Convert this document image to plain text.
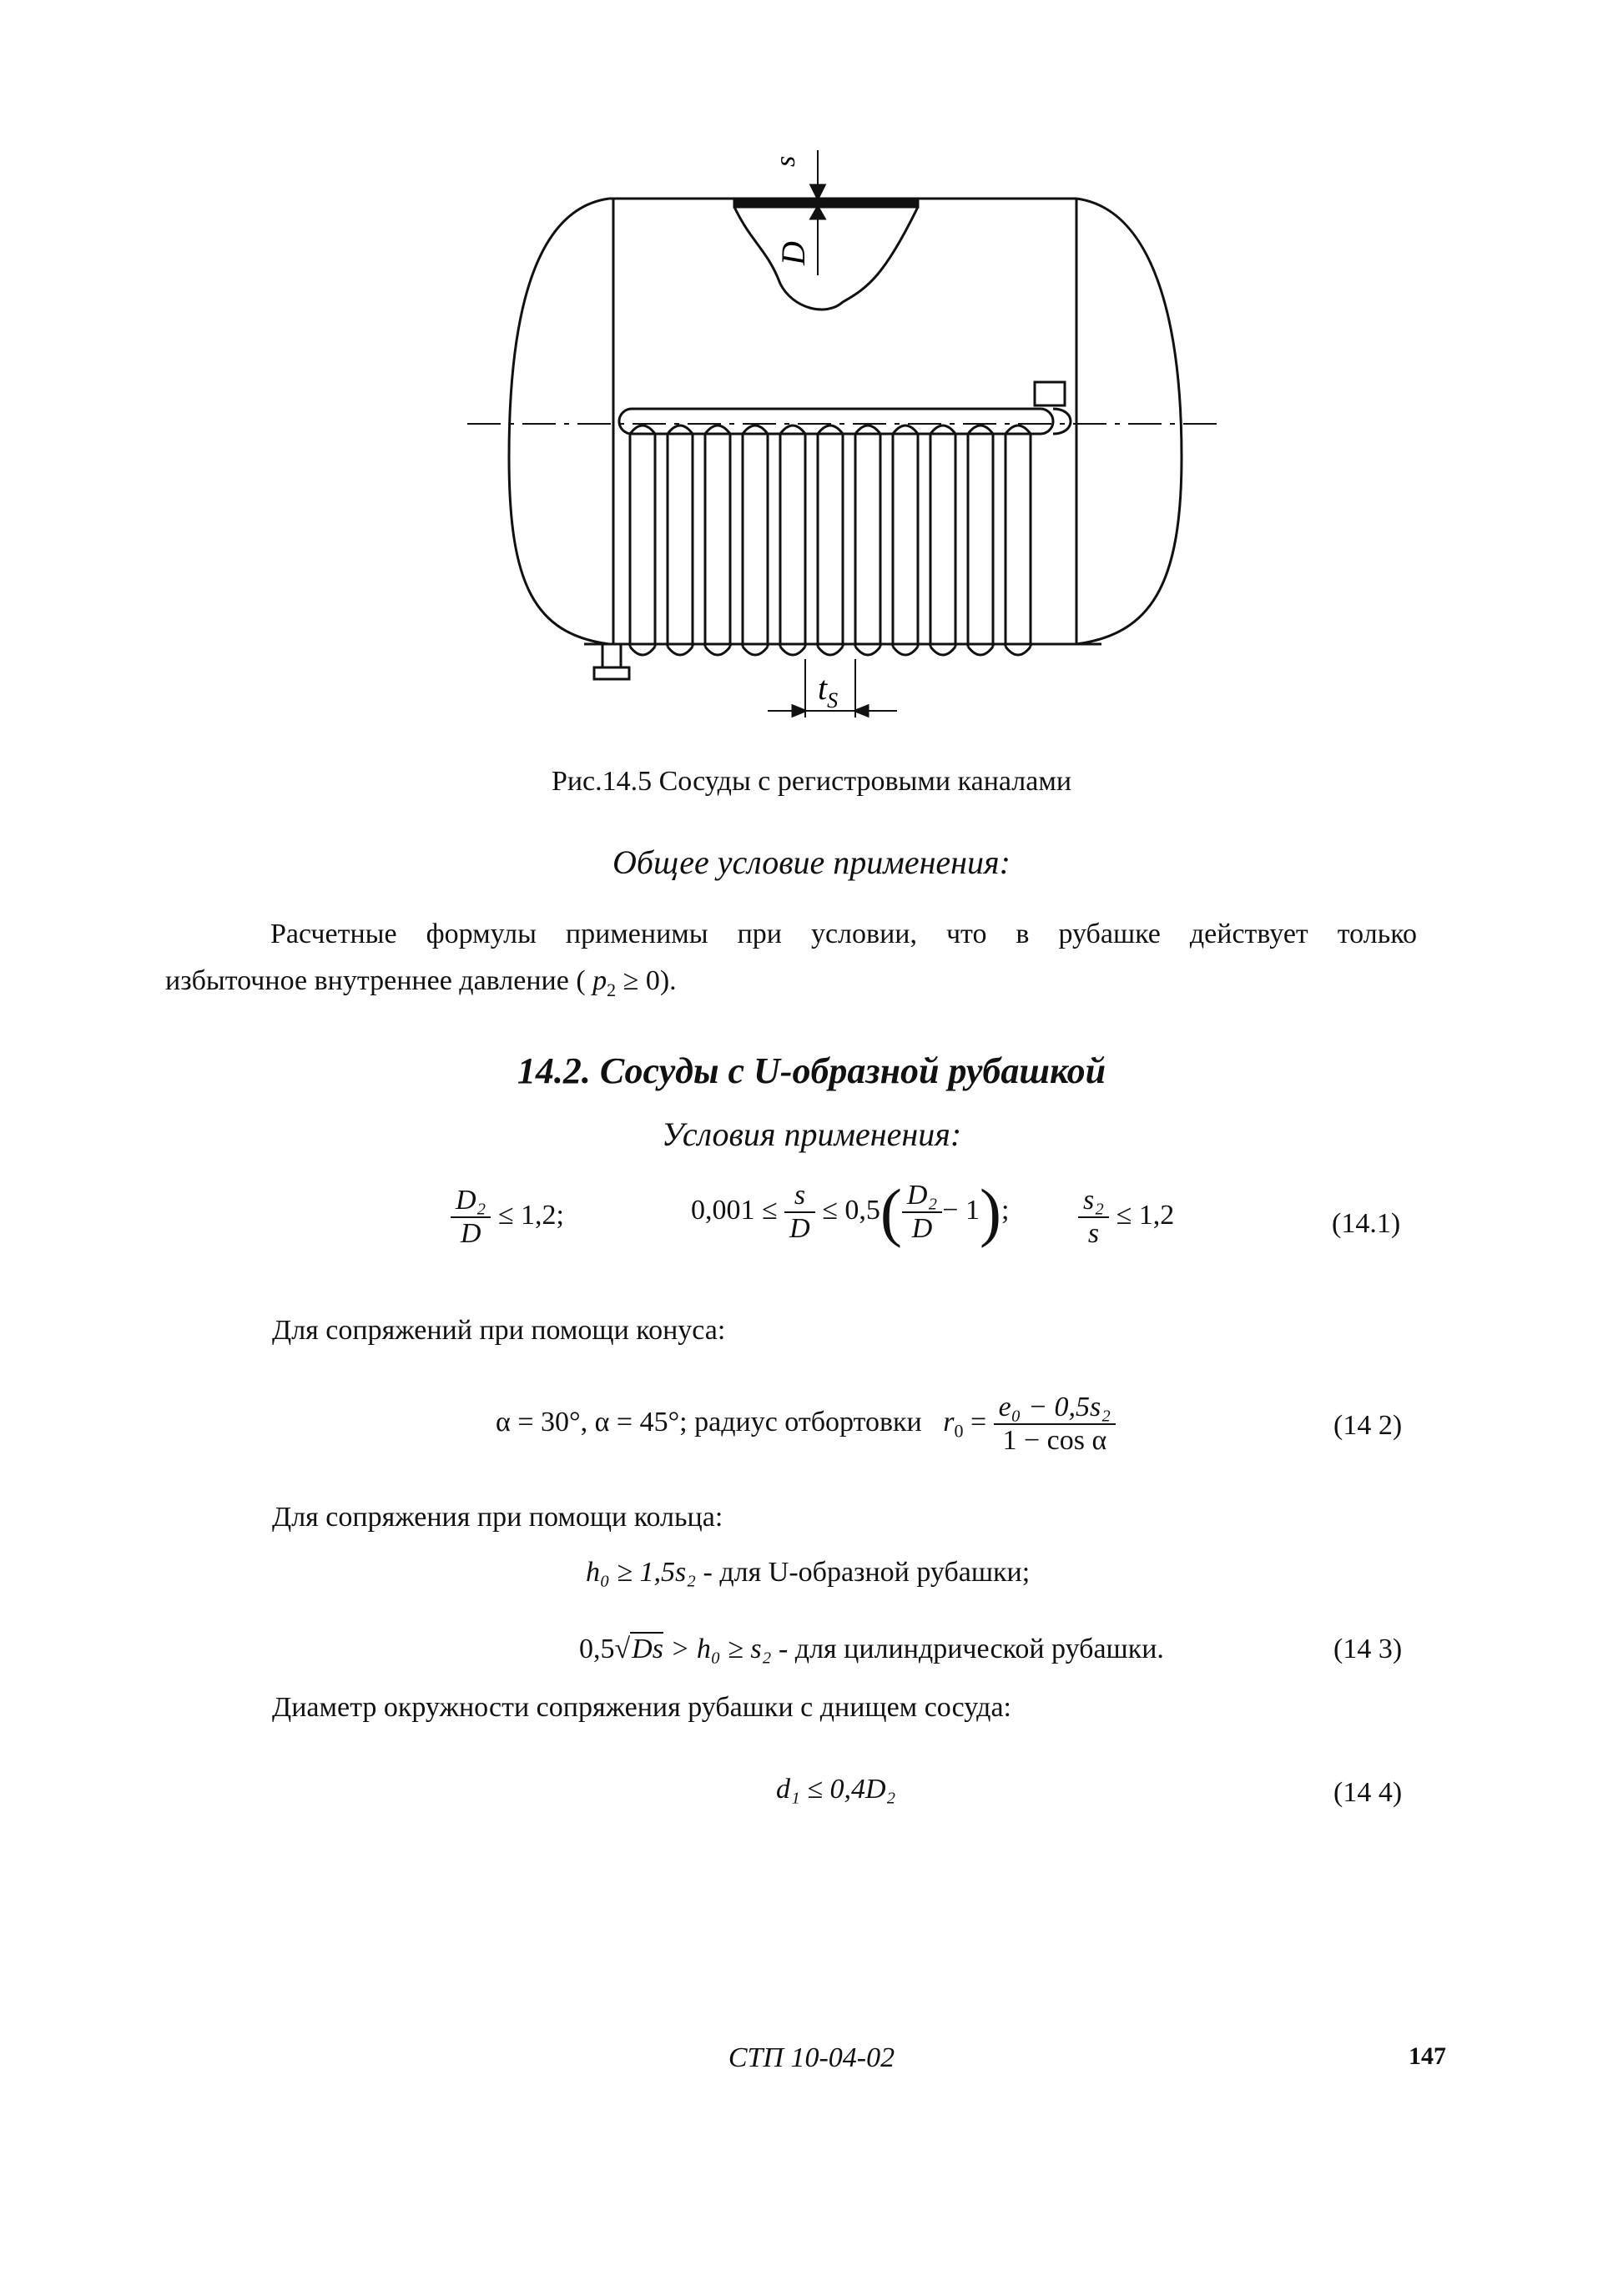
s
D
$t_S$
Рис.14.5 Сосуды с регистровыми каналами
Общее условие применения:
Расчетные формулы применимы при условии, что в рубашке действует только
избыточное внутреннее давление ( $p_2 \ge 0$).
14.2. Сосуды с U-образной рубашкой
Условия применения:
$\frac{\text{D₂}}{D} \le 1,2$;	$0,001 \le \frac{s}{D} \le 0,5( \frac{\text{D₂}}{D} - 1)$; $\frac{\text{s₂}}{s} \le 1,2$	(14.1)
Для сопряжений при помощи конуса:
α = 30°, α = 45°; радиус отбортовки $r_0 = \frac{\text{e₀ − 0,5s₂}}{\text{1 − cos α}}$	(14 2)
Для сопряжения при помощи кольца:
h₀ ≥ 1,5s₂ - для U-образной рубашки;
0,5√Ds > h₀ ≥ s₂ - для цилиндрической рубашки.	(14 3)
Диаметр окружности сопряжения рубашки с днищем сосуда:
d₁ ≤ 0,4D₂	(14 4)
СТП 10-04-02	147
